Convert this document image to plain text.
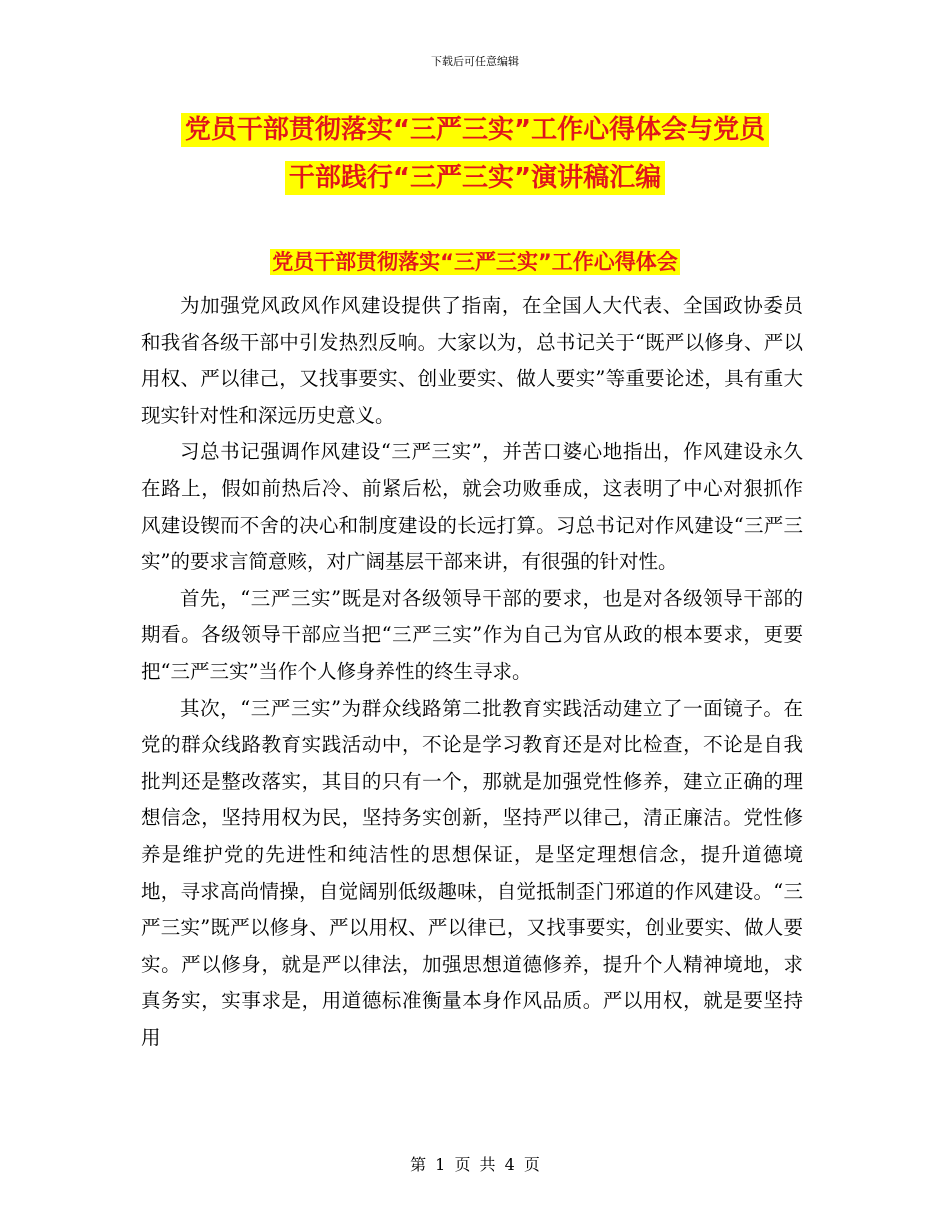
下载后可任意编辑
党员干部贯彻落实“三严三实”工作心得体会与党员
干部践行“三严三实”演讲稿汇编
党员干部贯彻落实“三严三实”工作心得体会

为加强党风政风作风建设提供了指南，在全国人大代表、全国政协委员和我省各级干部中引发热烈反响。大家以为，总书记关于“既严以修身、严以用权、严以律己，又找事要实、创业要实、做人要实”等重要论述，具有重大现实针对性和深远历史意义。

习总书记强调作风建设“三严三实”，并苦口婆心地指出，作风建设永久在路上，假如前热后冷、前紧后松，就会功败垂成，这表明了中心对狠抓作风建设锲而不舍的决心和制度建设的长远打算。习总书记对作风建设“三严三实”的要求言简意赅，对广阔基层干部来讲，有很强的针对性。

首先，“三严三实”既是对各级领导干部的要求，也是对各级领导干部的期看。各级领导干部应当把“三严三实”作为自己为官从政的根本要求，更要把“三严三实”当作个人修身养性的终生寻求。

其次，“三严三实”为群众线路第二批教育实践活动建立了一面镜子。在党的群众线路教育实践活动中，不论是学习教育还是对比检查，不论是自我批判还是整改落实，其目的只有一个，那就是加强党性修养，建立正确的理想信念，坚持用权为民，坚持务实创新，坚持严以律己，清正廉洁。党性修养是维护党的先进性和纯洁性的思想保证，是坚定理想信念，提升道德境地，寻求高尚情操，自觉阔别低级趣味，自觉抵制歪门邪道的作风建设。“三严三实”既严以修身、严以用权、严以律已，又找事要实，创业要实、做人要实。严以修身，就是严以律法，加强思想道德修养，提升个人精神境地，求真务实，实事求是，用道德标准衡量本身作风品质。严以用权，就是要坚持用

第 1 页 共 4 页
